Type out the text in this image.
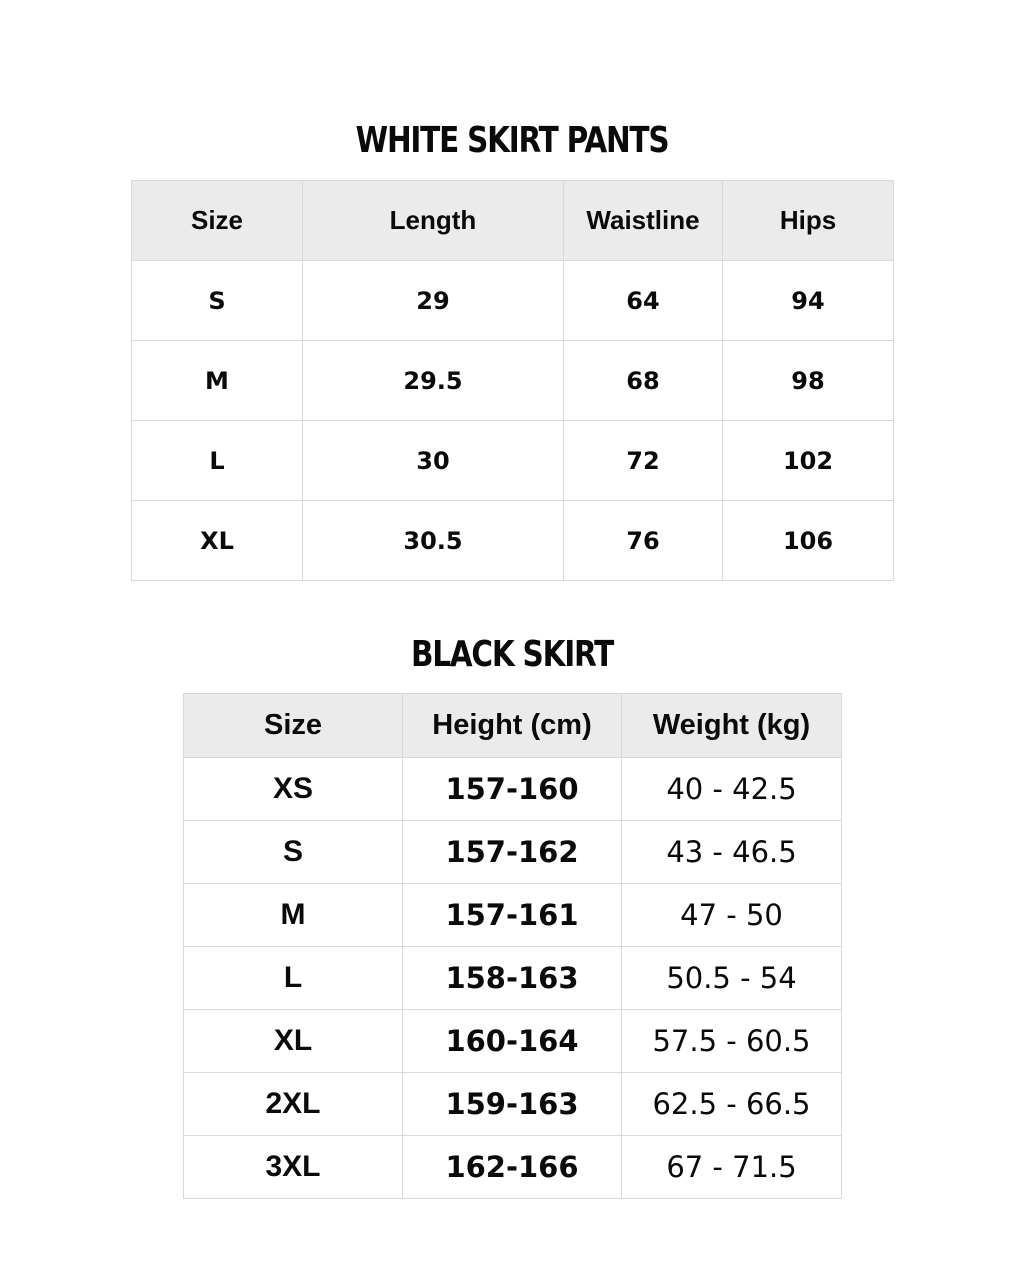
WHITE SKIRT PANTS
Size	Length	Waistline	Hips
S	29	64	94
M	29.5	68	98
L	30	72	102
XL	30.5	76	106
BLACK SKIRT
Size	Height (cm)	Weight (kg)
XS	157-160	40 - 42.5
S	157-162	43 - 46.5
M	157-161	47 - 50
L	158-163	50.5 - 54
XL	160-164	57.5 - 60.5
2XL	159-163	62.5 - 66.5
3XL	162-166	67 - 71.5
